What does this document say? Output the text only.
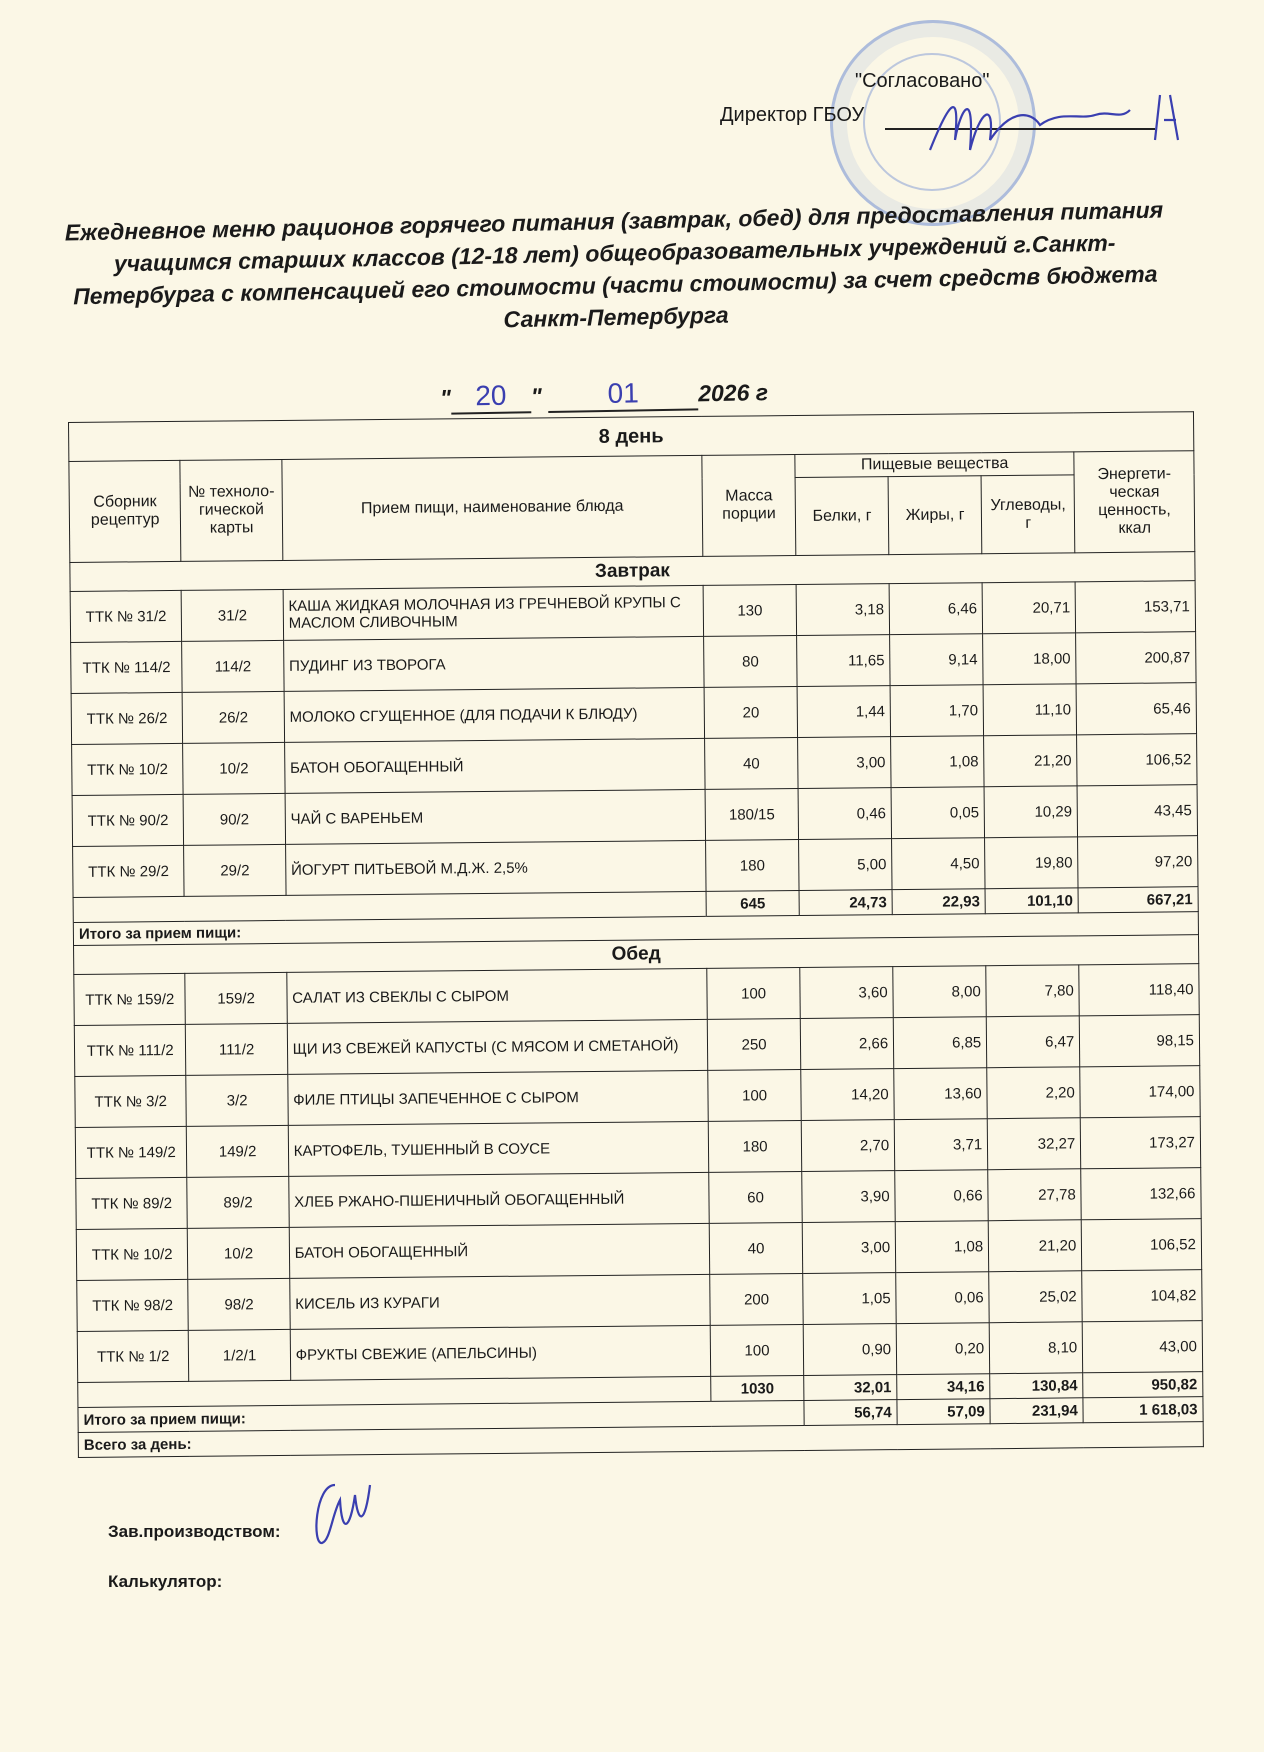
"Согласовано"
Директор ГБОУ
Ежедневное меню рационов горячего питания (завтрак, обед) для предоставления питания учащимся старших классов (12-18 лет) общеобразовательных учреждений г.Санкт-Петербурга с компенсацией его стоимости (части стоимости) за счет средств бюджета Санкт-Петербурга
" 20 " 01	2026 г
8 день							
Сборник рецептур	№ техноло-гической карты	Прием пищи, наименование блюда	Масса порции	Пищевые вещества			Энергети-ческая ценность, ккал
				Белки, г	Жиры, г	Углеводы, г	
Завтрак							
ТТК № 31/2	31/2	КАША ЖИДКАЯ МОЛОЧНАЯ ИЗ ГРЕЧНЕВОЙ КРУПЫ С МАСЛОМ СЛИВОЧНЫМ	130	3,18	6,46	20,71	153,71
ТТК № 114/2	114/2	ПУДИНГ ИЗ ТВОРОГА	80	11,65	9,14	18,00	200,87
ТТК № 26/2	26/2	МОЛОКО СГУЩЕННОЕ (ДЛЯ ПОДАЧИ К БЛЮДУ)	20	1,44	1,70	11,10	65,46
ТТК № 10/2	10/2	БАТОН ОБОГАЩЕННЫЙ	40	3,00	1,08	21,20	106,52
ТТК № 90/2	90/2	ЧАЙ С ВАРЕНЬЕМ	180/15	0,46	0,05	10,29	43,45
ТТК № 29/2	29/2	ЙОГУРТ ПИТЬЕВОЙ М.Д.Ж. 2,5%	180	5,00	4,50	19,80	97,20
			645	24,73	22,93	101,10	667,21
Итого за прием пищи:							
Обед							
ТТК № 159/2	159/2	САЛАТ ИЗ СВЕКЛЫ С СЫРОМ	100	3,60	8,00	7,80	118,40
ТТК № 111/2	111/2	ЩИ ИЗ СВЕЖЕЙ КАПУСТЫ (С МЯСОМ И СМЕТАНОЙ)	250	2,66	6,85	6,47	98,15
ТТК № 3/2	3/2	ФИЛЕ ПТИЦЫ ЗАПЕЧЕННОЕ С СЫРОМ	100	14,20	13,60	2,20	174,00
ТТК № 149/2	149/2	КАРТОФЕЛЬ, ТУШЕННЫЙ В СОУСЕ	180	2,70	3,71	32,27	173,27
ТТК № 89/2	89/2	ХЛЕБ РЖАНО-ПШЕНИЧНЫЙ ОБОГАЩЕННЫЙ	60	3,90	0,66	27,78	132,66
ТТК № 10/2	10/2	БАТОН ОБОГАЩЕННЫЙ	40	3,00	1,08	21,20	106,52
ТТК № 98/2	98/2	КИСЕЛЬ ИЗ КУРАГИ	200	1,05	0,06	25,02	104,82
ТТК № 1/2	1/2/1	ФРУКТЫ СВЕЖИЕ (АПЕЛЬСИНЫ)	100	0,90	0,20	8,10	43,00
			1030	32,01	34,16	130,84	950,82
Итого за прием пищи:				56,74	57,09	231,94	1 618,03
Всего за день:							
Зав.производством:
Калькулятор:
